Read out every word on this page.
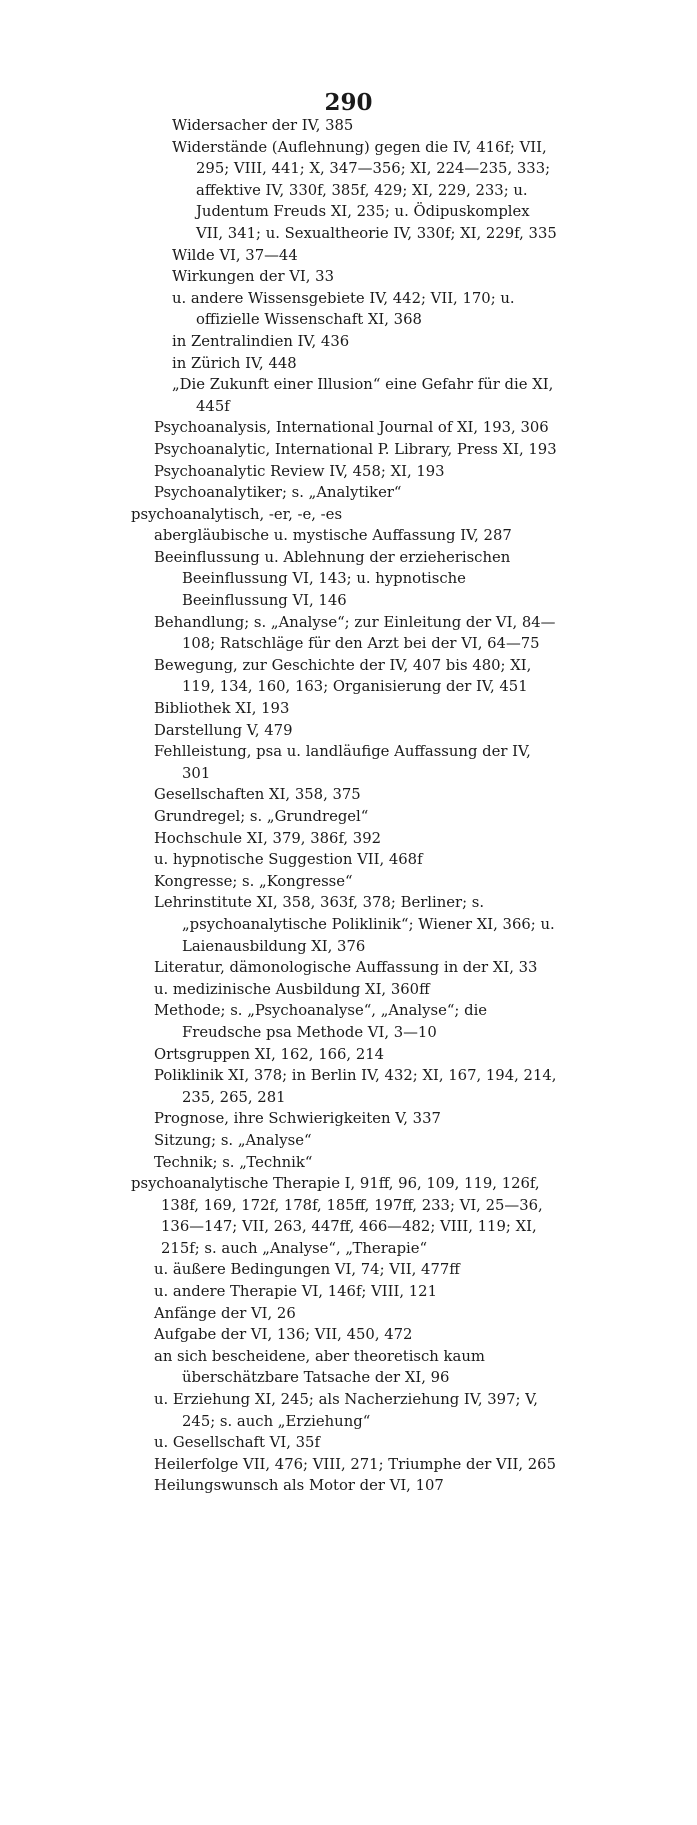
290
Widersacher der IV, 385
Widerstände (Auflehnung) gegen die IV, 416f; VII, 295; VIII, 441; X, 347—356; XI, 224—235, 333; affektive IV, 330f, 385f, 429; XI, 229, 233; u. Judentum Freuds XI, 235; u. Ödipuskomplex VII, 341; u. Sexualtheorie IV, 330f; XI, 229f, 335
Wilde VI, 37—44
Wirkungen der VI, 33
u. andere Wissensgebiete IV, 442; VII, 170; u. offizielle Wissenschaft XI, 368
in Zentralindien IV, 436
in Zürich IV, 448
„Die Zukunft einer Illusion“ eine Gefahr für die XI, 445f
Psychoanalysis, International Journal of XI, 193, 306
Psychoanalytic, International P. Library, Press XI, 193
Psychoanalytic Review IV, 458; XI, 193
Psychoanalytiker; s. „Analytiker“
psychoanalytisch, -er, -e, -es
abergläubische u. mystische Auffassung IV, 287
Beeinflussung u. Ablehnung der erzieherischen Beeinflussung VI, 143; u. hypnotische Beeinflussung VI, 146
Behandlung; s. „Analyse“; zur Einleitung der VI, 84—108; Ratschläge für den Arzt bei der VI, 64—75
Bewegung, zur Geschichte der IV, 407 bis 480; XI, 119, 134, 160, 163; Organisierung der IV, 451
Bibliothek XI, 193
Darstellung V, 479
Fehlleistung, psa u. landläufige Auffassung der IV, 301
Gesellschaften XI, 358, 375
Grundregel; s. „Grundregel“
Hochschule XI, 379, 386f, 392
u. hypnotische Suggestion VII, 468f
Kongresse; s. „Kongresse“
Lehrinstitute XI, 358, 363f, 378; Berliner; s. „psychoanalytische Poliklinik“; Wiener XI, 366; u. Laienausbildung XI, 376
Literatur, dämonologische Auffassung in der XI, 33
u. medizinische Ausbildung XI, 360ff
Methode; s. „Psychoanalyse“, „Analyse“; die Freudsche psa Methode VI, 3—10
Ortsgruppen XI, 162, 166, 214
Poliklinik XI, 378; in Berlin IV, 432; XI, 167, 194, 214, 235, 265, 281
Prognose, ihre Schwierigkeiten V, 337
Sitzung; s. „Analyse“
Technik; s. „Technik“
psychoanalytische Therapie I, 91ff, 96, 109, 119, 126f, 138f, 169, 172f, 178f, 185ff, 197ff, 233; VI, 25—36, 136—147; VII, 263, 447ff, 466—482; VIII, 119; XI, 215f; s. auch „Analyse“, „Therapie“
u. äußere Bedingungen VI, 74; VII, 477ff
u. andere Therapie VI, 146f; VIII, 121
Anfänge der VI, 26
Aufgabe der VI, 136; VII, 450, 472
an sich bescheidene, aber theoretisch kaum überschätzbare Tatsache der XI, 96
u. Erziehung XI, 245; als Nacherziehung IV, 397; V, 245; s. auch „Erziehung“
u. Gesellschaft VI, 35f
Heilerfolge VII, 476; VIII, 271; Triumphe der VII, 265
Heilungswunsch als Motor der VI, 107
